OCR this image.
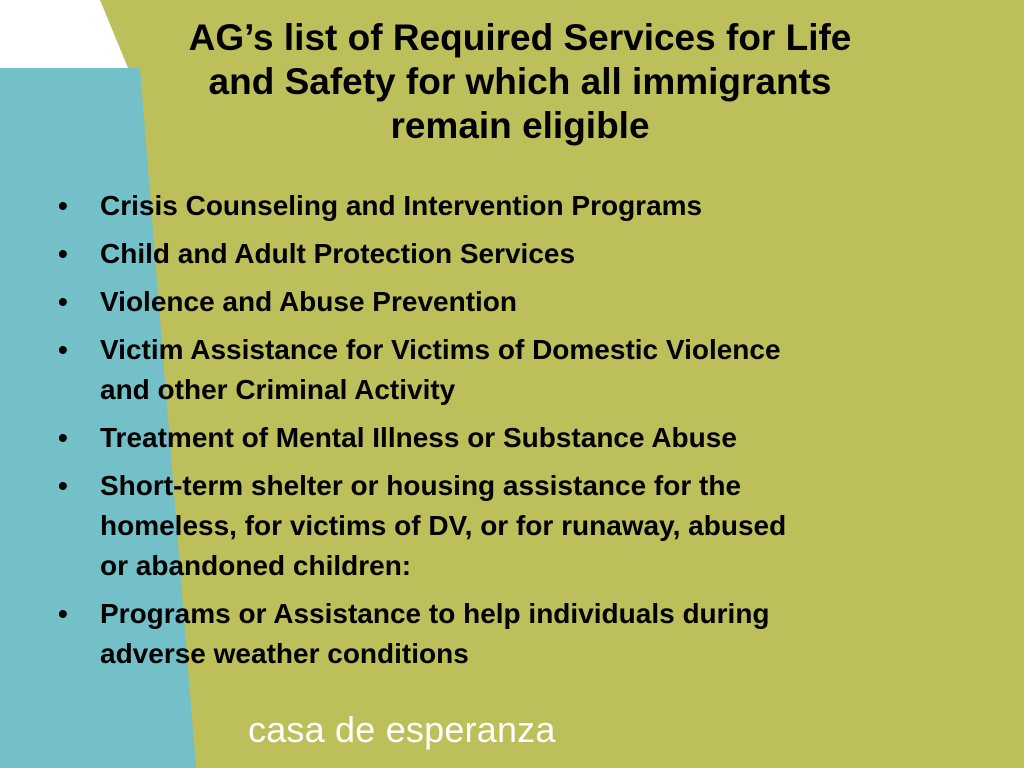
AG’s list of Required Services for Life
and Safety for which all immigrants
remain eligible
•	Crisis Counseling and Intervention Programs
•	Child and Adult Protection Services
•	Violence and Abuse Prevention
•	Victim Assistance for Victims of Domestic Violence
and other Criminal Activity
•	Treatment of Mental Illness or Substance Abuse
•	Short-term shelter or housing assistance for the
homeless, for victims of DV, or for runaway, abused
or abandoned children:
•	Programs or Assistance to help individuals during
adverse weather conditions
casa de esperanza
